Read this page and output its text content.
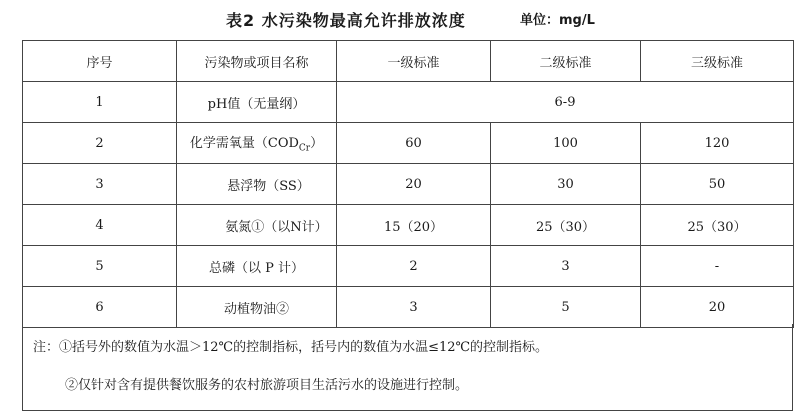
表2 水污染物最高允许排放浓度	单位：mg/L
序号	污染物或项目名称	一级标准	二级标准	三级标准
1	pH值（无量纲）	6-9		
2	化学需氧量$(COD_{Cr})$	60	100	120
3	悬浮物（SS）	20	30	50
4	氨氮①（以N计）	15（20）	25（30）	25（30）
5	总磷（以 P 计）	2	3	-
6	动植物油②	3	5	20
注：①括号外的数值为水温＞12℃的控制指标，括号内的数值为水温≤12℃的控制指标。
②仅针对含有提供餐饮服务的农村旅游项目生活污水的设施进行控制。
